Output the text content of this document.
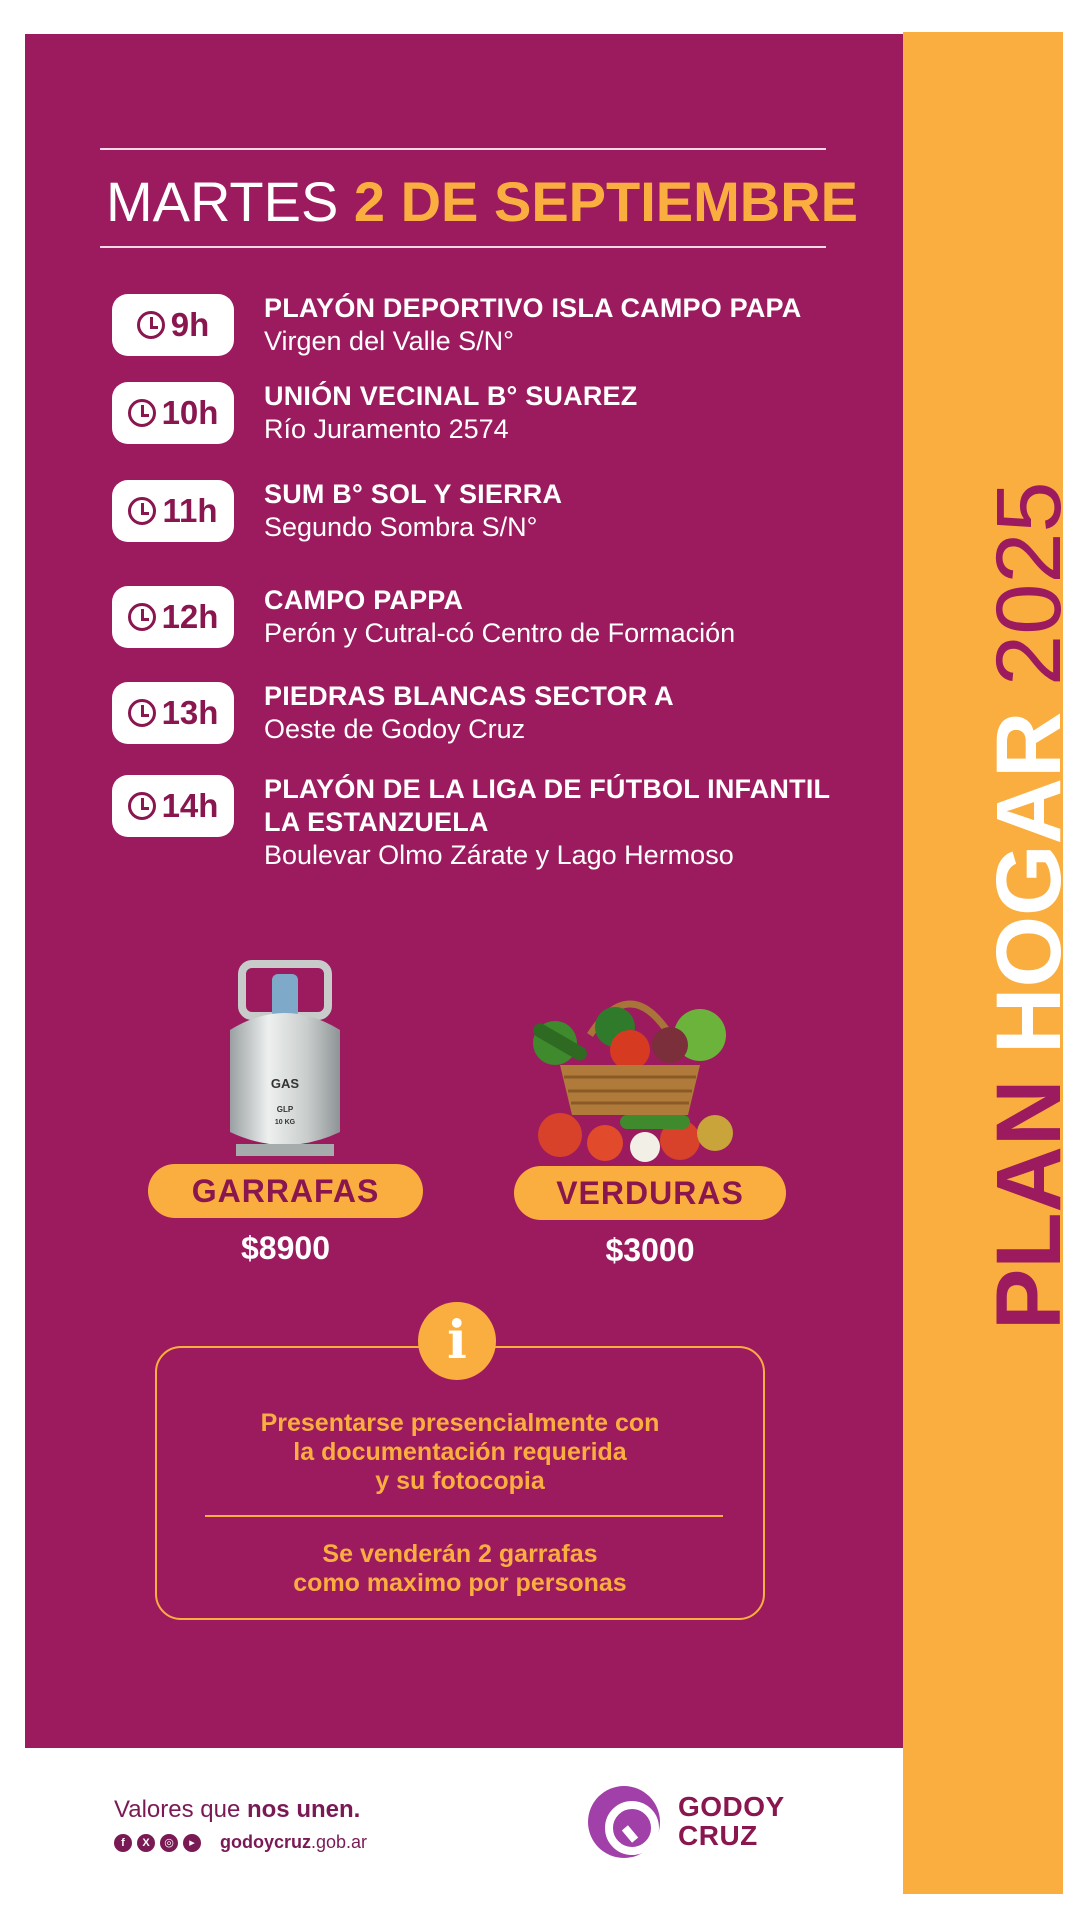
PLAN HOGAR 2025
MARTES 2 DE SEPTIEMBRE
9h PLAYÓN DEPORTIVO ISLA CAMPO PAPA
Virgen del Valle S/N°
10h UNIÓN VECINAL B° SUAREZ
Río Juramento 2574
11h SUM B° SOL Y SIERRA
Segundo Sombra S/N°
12h CAMPO PAPPA
Perón y Cutral-có Centro de Formación
13h PIEDRAS BLANCAS SECTOR A
Oeste de Godoy Cruz
14h PLAYÓN DE LA LIGA DE FÚTBOL INFANTIL LA ESTANZUELA
Boulevar Olmo Zárate y Lago Hermoso
GAS
GLP
10 KG
GARRAFAS
$8900
VERDURAS
$3000
i
Presentarse presencialmente con
la documentación requerida
y su fotocopia
Se venderán 2 garrafas
como maximo por personas
Valores que nos unen.
f	X	◎	▸	godoycruz.gob.ar
GODOY
CRUZ
